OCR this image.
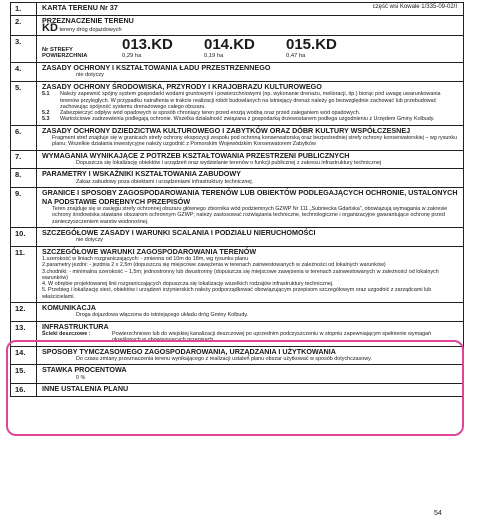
1.	KARTA TERENU Nr 37	część wsi Kowale 1/335-09-02/I
2.	PRZEZNACZENIE TERENU
KD tereny dróg dojazdowych
3.
Nr STREFY	013.KD	014.KD	015.KD
POWIERZCHNIA	0,29 ha	0,19 ha	0,47 ha
4.	ZASADY OCHRONY I KSZTAŁTOWANIA ŁADU PRZESTRZENNEGO
nie dotyczy
5.	ZASADY OCHRONY ŚRODOWISKA, PRZYRODY I KRAJOBRAZU KULTUROWEGO
5.1	Należy zapewnić spójny system gospodarki wodami gruntowymi i powierzchniowymi (np. wykonanie drenażu, melioracji, itp.) biorąc pod uwagę uwarunkowania terenów przyległych. W przypadku natrafienia w trakcie realizacji robót budowlanych na istniejący drenaż należy go bezwzględnie zachować lub przebudować zachowując spójność systemu drenażowego całego obszaru.
5.2	Zabezpieczyć odpływ wód opadowych w sposób chroniący teren przed erozją wodną oraz przed zaleganiem wód opadowych.
5.3	Wartościowe zadrzewienia podlegają ochronie. Wszelka działalność związana z gospodarką drzewostanem podlega uzgodnieniu z Urzędem Gminy Kolbudy.
6.	ZASADY OCHRONY DZIEDZICTWA KULTUROWEGO I ZABYTKÓW ORAZ DÓBR KULTURY WSPÓŁCZESNEJ
Fragment stref znajduje się w granicach strefy ochrony ekspozycji zespołu pod ochroną konserwatorską oraz bezpośredniej strefy ochrony konserwatorskiej – wg rysunku planu; Wszelkie działania inwestycyjne należy uzgodnić z Pomorskim Wojewódzkim Konserwatorem Zabytków
7.	WYMAGANIA WYNIKAJĄCE Z POTRZEB KSZTAŁTOWANIA PRZESTRZENI PUBLICZNYCH
Dopuszcza się lokalizację obiektów i urządzeń oraz wydzielanie terenów o funkcji publicznej z zakresu infrastruktury technicznej
8.	PARAMETRY I WSKAŹNIKI KSZTAŁTOWANIA ZABUDOWY
Zakaz zabudowy poza obiektami i urządzeniami infrastruktury technicznej.
9.	GRANICE I SPOSOBY ZAGOSPODAROWANIA TERENÓW LUB OBIEKTÓW PODLEGAJĄCYCH OCHRONIE, USTALONYCH NA PODSTAWIE ODRĘBNYCH PRZEPISÓW
Teren znajduje się w zasięgu strefy ochronnej obszaru głównego zbiornika wód podziemnych GZWP Nr 111 „Subniecka Gdańska”, obowiązują wymagania w zakresie ochrony środowiska stawiane obszarom ochronnym GZWP; należy zastosować rozwiązania techniczne, technologiczne i organizacyjne gwarantujące ochronę przed zanieczyszczeniem warstw wodonośnej.
10.	SZCZEGÓŁOWE ZASADY I WARUNKI SCALANIA I PODZIAŁU NIERUCHOMOŚCI
nie dotyczy
11.	SZCZEGÓŁOWE WARUNKI ZAGOSPODAROWANIA TERENÓW
1.szerokość w liniach rozgraniczających: - zmienna od 10m do 18m, wg rysunku planu
2.parametry jezdni: - jezdnia 2 x 2,5m (dopuszcza się miejscowe zawężenia w terenach zainwestowanych w zależności od lokalnych warunków)
3.chodniki: - minimalna szerokość – 1,5m; jednostronny lub dwustronny (dopuszcza się miejscowe zawężenia w terenach zainwestowanych w zależności od lokalnych warunków)
4. W obrębie projektowanej linii rozgraniczających dopuszcza się lokalizację wszelkich rodzajów infrastruktury technicznej.
5. Przebieg i lokalizację sieci, obiektów i urządzeń inżynierskich należy podporządkować obowiązującym przepisom szczegółowym oraz uzgodnić z zarządcami lub właścicielami.
12.	KOMUNIKACJA
Droga dojazdowa włączona do istniejącego układu dróg Gminy Kolbudy.
13.	INFRASTRUKTURA
Ścieki deszczowe :	Powierzchniowo lub do wiejskiej kanalizacji deszczowej po uprzednim podczyszczeniu w stopniu zapewniającym spełnienie wymagań określonych w obowiązujących przepisach.
14.	SPOSOBY TYMCZASOWEGO ZAGOSPODAROWANIA, URZĄDZANIA I UŻYTKOWANIA
Do czasu zmiany przeznaczenia terenu wynikającego z realizacji ustaleń planu obszar użytkować w sposób dotychczasowy.
15.	STAWKA PROCENTOWA
0 %
16.	INNE USTALENIA PLANU
54
